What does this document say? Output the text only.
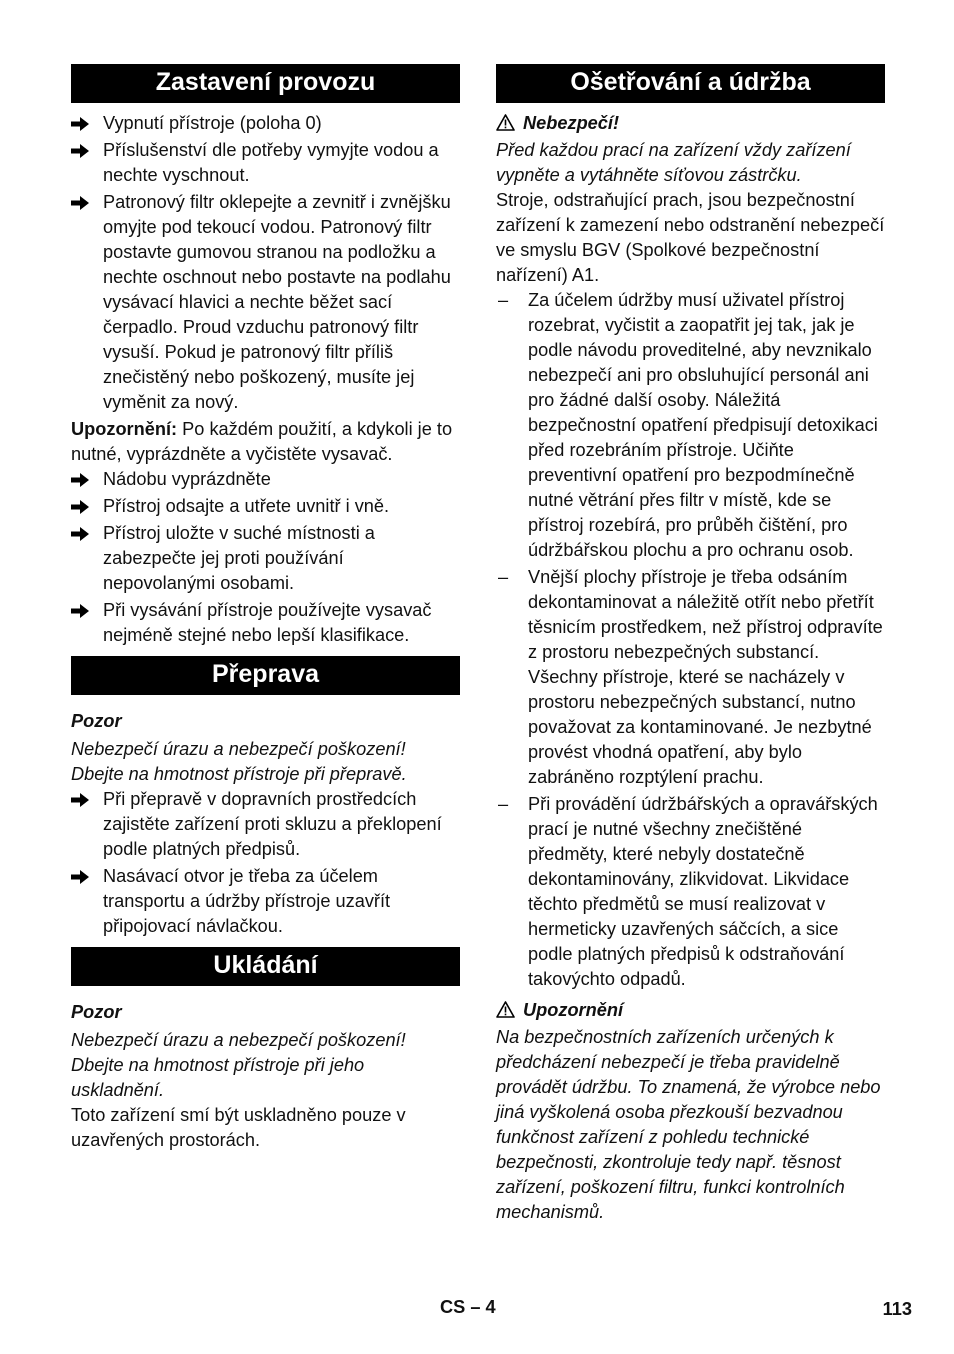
Zastavení provozu
Vypnutí přístroje (poloha 0)
Příslušenství dle potřeby vymyjte vodou a nechte vyschnout.
Patronový filtr oklepejte a zevnitř i zvnějšku omyjte pod tekoucí vodou. Patronový filtr postavte gumovou stranou na podložku a nechte oschnout nebo postavte na podlahu vysávací hlavici a nechte běžet sací čerpadlo. Proud vzduchu patronový filtr vysuší. Pokud je patronový filtr příliš znečistěný nebo poškozený, musíte jej vyměnit za nový.

Upozornění: Po každém použití, a kdykoli je to nutné, vyprázdněte a vyčistěte vysavač.

Nádobu vyprázdněte
Přístroj odsajte a utřete uvnitř i vně.
Přístroj uložte v suché místnosti a zabezpečte jej proti používání nepovolanými osobami.
Při vysávání přístroje používejte vysavač nejméně stejné nebo lepší klasifikace.
Přeprava
Pozor

Nebezpečí úrazu a nebezpečí poškození!

Dbejte na hmotnost přístroje při přepravě.

Při přepravě v dopravních prostředcích zajistěte zařízení proti skluzu a překlopení podle platných předpisů.
Nasávací otvor je třeba za účelem transportu a údržby přístroje uzavřít připojovací návlačkou.
Ukládání
Pozor

Nebezpečí úrazu a nebezpečí poškození!

Dbejte na hmotnost přístroje při jeho uskladnění.

Toto zařízení smí být uskladněno pouze v uzavřených prostorách.

Ošetřování a údržba
Nebezpečí!

Před každou prací na zařízení vždy zařízení vypněte a vytáhněte síťovou zástrčku.

Stroje, odstraňující prach, jsou bezpečnostní zařízení k zamezení nebo odstranění nebezpečí ve smyslu BGV (Spolkové bezpečnostní nařízení) A1.

– Za účelem údržby musí uživatel přístroj rozebrat, vyčistit a zaopatřit jej tak, jak je podle návodu proveditelné, aby nevznikalo nebezpečí ani pro obsluhující personál ani pro žádné další osoby. Náležitá bezpečnostní opatření předpisují detoxikaci před rozebráním přístroje. Učiňte preventivní opatření pro bezpodmínečně nutné větrání přes filtr v místě, kde se přístroj rozebírá, pro průběh čištění, pro údržbářskou plochu a pro ochranu osob.
– Vnější plochy přístroje je třeba odsáním dekontaminovat a náležitě otřít nebo přetřít těsnicím prostředkem, než přístroj odpravíte z prostoru nebezpečných substancí. Všechny přístroje, které se nacházely v prostoru nebezpečných substancí, nutno považovat za kontaminované. Je nezbytné provést vhodná opatření, aby bylo zabráněno rozptýlení prachu.
– Při provádění údržbářských a opravářských prací je nutné všechny znečištěné předměty, které nebyly dostatečně dekontaminovány, zlikvidovat. Likvidace těchto předmětů se musí realizovat v hermeticky uzavřených sáčcích, a sice podle platných předpisů k odstraňování takovýchto odpadů.
Upozornění

Na bezpečnostních zařízeních určených k předcházení nebezpečí je třeba pravidelně provádět údržbu. To znamená, že výrobce nebo jiná vyškolená osoba přezkouší bezvadnou funkčnost zařízení z pohledu technické bezpečnosti, zkontroluje tedy např. těsnost zařízení, poškození filtru, funkci kontrolních mechanismů.

CS – 4	113
